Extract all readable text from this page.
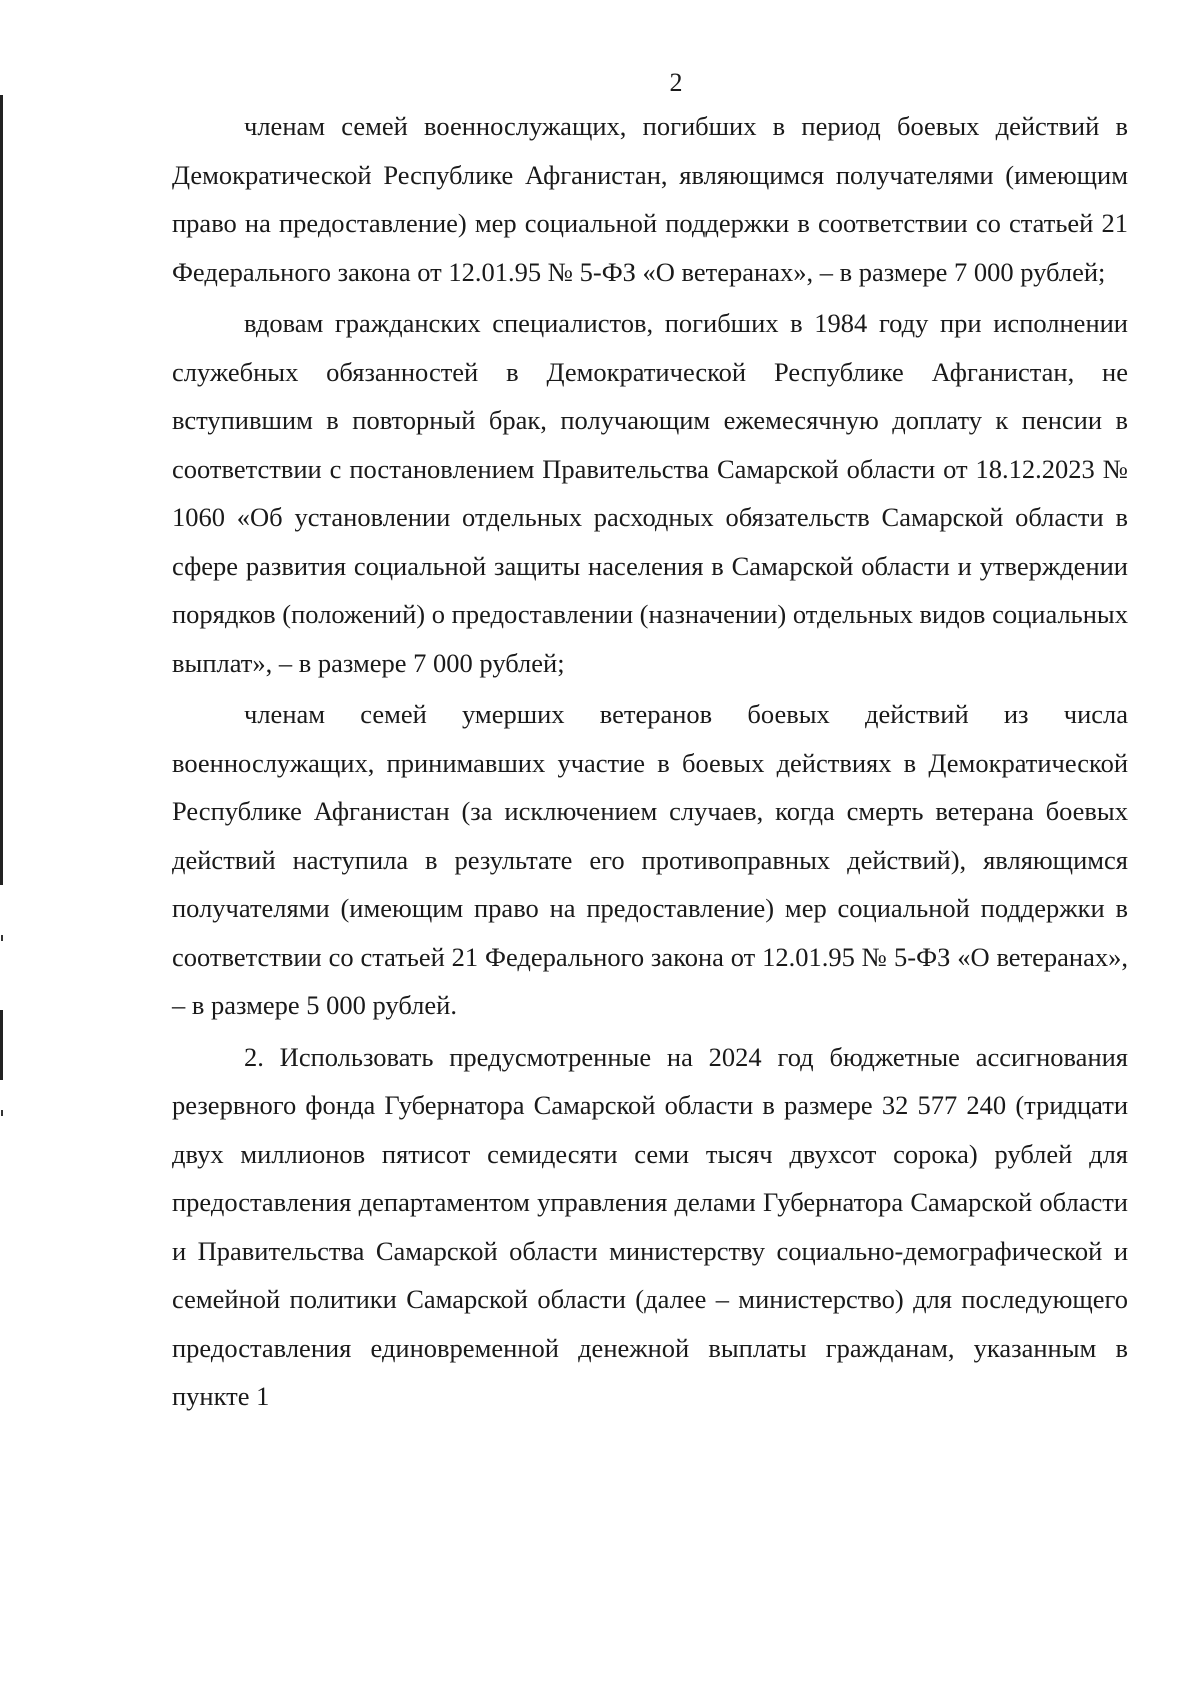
2

членам семей военнослужащих, погибших в период боевых действий в Демократической Республике Афганистан, являющимся получателями (имеющим право на предоставление) мер социальной поддержки в соответствии со статьей 21 Федерального закона от 12.01.95 № 5-ФЗ «О ветеранах», – в размере 7 000 рублей;

вдовам гражданских специалистов, погибших в 1984 году при исполнении служебных обязанностей в Демократической Республике Афганистан, не вступившим в повторный брак, получающим ежемесячную доплату к пенсии в соответствии с постановлением Правительства Самарской области от 18.12.2023 № 1060 «Об установлении отдельных расходных обязательств Самарской области в сфере развития социальной защиты населения в Самарской области и утверждении порядков (положений) о предоставлении (назначении) отдельных видов социальных выплат», – в размере 7 000 рублей;

членам семей умерших ветеранов боевых действий из числа военнослужащих, принимавших участие в боевых действиях в Демократической Республике Афганистан (за исключением случаев, когда смерть ветерана боевых действий наступила в результате его противоправных действий), являющимся получателями (имеющим право на предоставление) мер социальной поддержки в соответствии со статьей 21 Федерального закона от 12.01.95 № 5-ФЗ «О ветеранах», – в размере 5 000 рублей.

2. Использовать предусмотренные на 2024 год бюджетные ассигнования резервного фонда Губернатора Самарской области в размере 32 577 240 (тридцати двух миллионов пятисот семидесяти семи тысяч двухсот сорока) рублей для предоставления департаментом управления делами Губернатора Самарской области и Правительства Самарской области министерству социально-демографической и семейной политики Самарской области (далее – министерство) для последующего предоставления единовременной денежной выплаты гражданам, указанным в пункте 1
